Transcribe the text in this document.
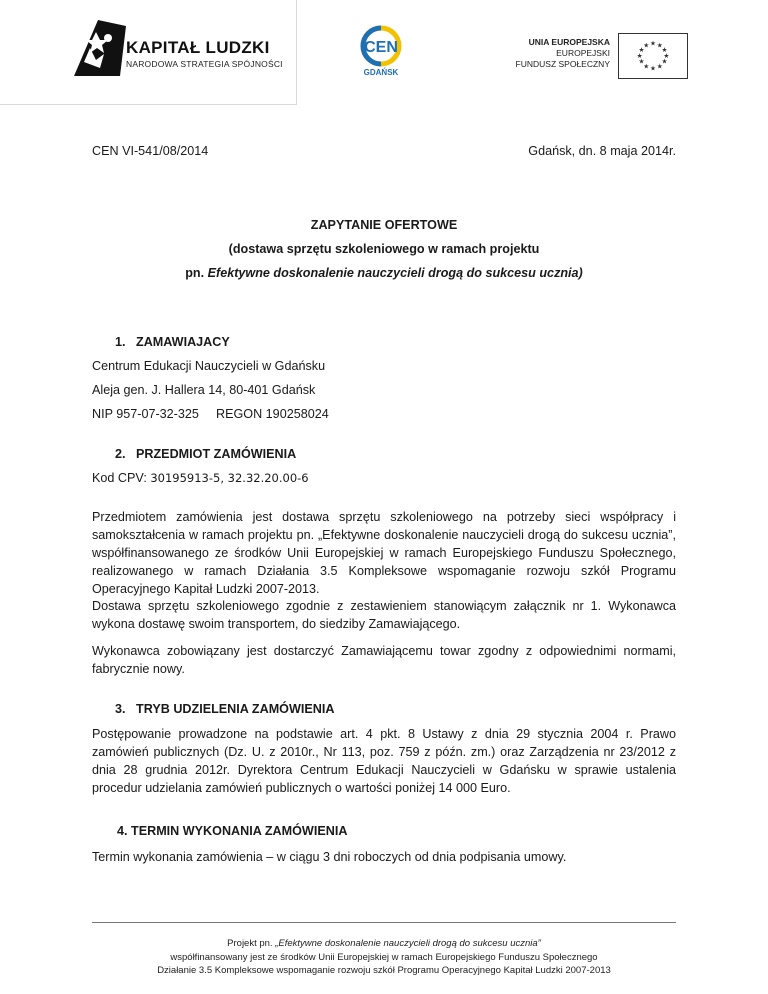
KAPITAŁ LUDZKI
NARODOWA STRATEGIA SPÓJNOŚCI
CEN
GDAŃSK
UNIA EUROPEJSKA
EUROPEJSKI
FUNDUSZ SPOŁECZNY
★ ★
★
★
★
★
★
★
★
★
★
★
CEN VI-541/08/2014	Gdańsk, dn. 8 maja 2014r.
ZAPYTANIE OFERTOWE
(dostawa sprzętu szkoleniowego w ramach projektu
pn. Efektywne doskonalenie nauczycieli drogą do sukcesu ucznia)
1.   ZAMAWIAJACY
Centrum Edukacji Nauczycieli w Gdańsku
Aleja gen. J. Hallera 14, 80-401 Gdańsk
NIP 957-07-32-325 REGON 190258024
2.   PRZEDMIOT ZAMÓWIENIA
Kod CPV: 30195913-5, 32.32.20.00-6
Przedmiotem zamówienia jest dostawa sprzętu szkoleniowego na potrzeby sieci współpracy i samokształcenia w ramach projektu pn. „Efektywne doskonalenie nauczycieli drogą do sukcesu ucznia”, współfinansowanego ze środków Unii Europejskiej w ramach Europejskiego Funduszu Społecznego, realizowanego w ramach Działania 3.5 Kompleksowe wspomaganie rozwoju szkół Programu Operacyjnego Kapitał Ludzki 2007-2013.
Dostawa sprzętu szkoleniowego zgodnie z zestawieniem stanowiącym załącznik nr 1. Wykonawca wykona dostawę swoim transportem, do siedziby Zamawiającego.
Wykonawca zobowiązany jest dostarczyć Zamawiającemu towar zgodny z odpowiednimi normami, fabrycznie nowy.
3.   TRYB UDZIELENIA ZAMÓWIENIA
Postępowanie prowadzone na podstawie art. 4 pkt. 8 Ustawy z dnia 29 stycznia 2004 r. Prawo zamówień publicznych (Dz. U. z 2010r., Nr 113, poz. 759 z późn. zm.) oraz Zarządzenia nr 23/2012 z dnia 28 grudnia 2012r. Dyrektora Centrum Edukacji Nauczycieli w Gdańsku w sprawie ustalenia procedur udzielania zamówień publicznych o wartości poniżej 14 000 Euro.
4. TERMIN WYKONANIA ZAMÓWIENIA
Termin wykonania zamówienia – w ciągu 3 dni roboczych od dnia podpisania umowy.
Projekt pn. „Efektywne doskonalenie nauczycieli drogą do sukcesu ucznia”
współfinansowany jest ze środków Unii Europejskiej w ramach Europejskiego Funduszu Społecznego
Działanie 3.5 Kompleksowe wspomaganie rozwoju szkół Programu Operacyjnego Kapitał Ludzki 2007-2013
